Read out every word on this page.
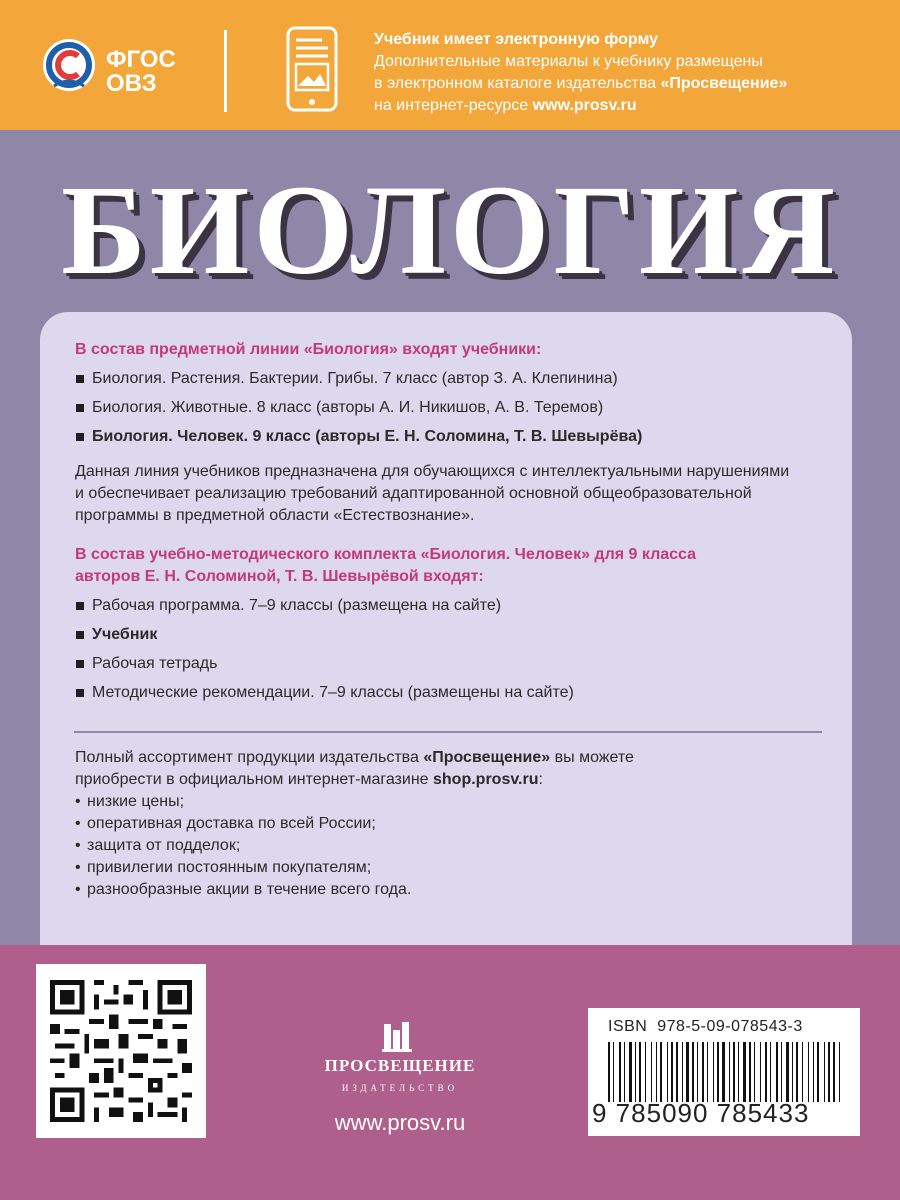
ФГОС
ОВЗ
Учебник имеет электронную форму
Дополнительные материалы к учебнику размещены
в электронном каталоге издательства «Просвещение»
на интернет-ресурсе www.prosv.ru
БИОЛОГИЯ
В состав предметной линии «Биология» входят учебники:
Биология. Растения. Бактерии. Грибы. 7 класс (автор З. А. Клепинина)
Биология. Животные. 8 класс (авторы А. И. Никишов, А. В. Теремов)
Биология. Человек. 9 класс (авторы Е. Н. Соломина, Т. В. Шевырёва)
Данная линия учебников предназначена для обучающихся с интеллектуальными нарушениями и обеспечивает реализацию требований адаптированной основной общеобразовательной программы в предметной области «Естествознание».
В состав учебно-методического комплекта «Биология. Человек» для 9 класса
авторов Е. Н. Соломиной, Т. В. Шевырёвой входят:
Рабочая программа. 7–9 классы (размещена на сайте)
Учебник
Рабочая тетрадь
Методические рекомендации. 7–9 классы (размещены на сайте)
Полный ассортимент продукции издательства «Просвещение» вы можете
приобрести в официальном интернет-магазине shop.prosv.ru:
• низкие цены;
• оперативная доставка по всей России;
• защита от подделок;
• привилегии постоянным покупателям;
• разнообразные акции в течение всего года.
ПРОСВЕЩЕНИЕ
ИЗДАТЕЛЬСТВО
www.prosv.ru
ISBN  978-5-09-078543-3
9 785090 785433
